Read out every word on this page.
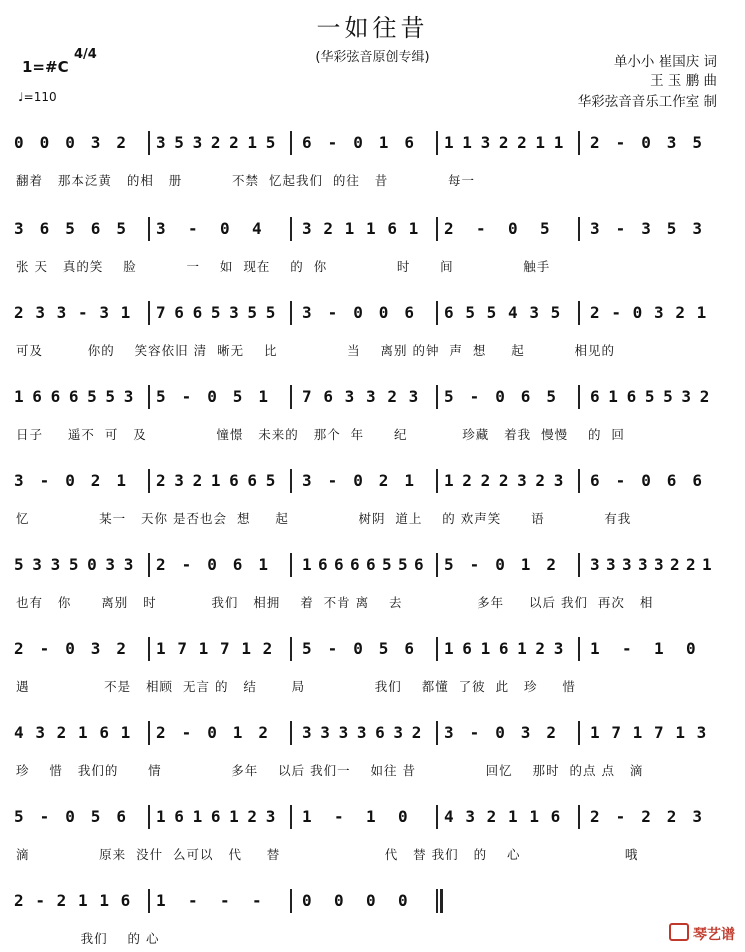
一如往昔
(华彩弦音原创专缉)
1=#C
4/4
♩=110
单小小 崔国庆 词
王 玉 鹏 曲
华彩弦音音乐工作室 制
0 0 0 3 2 3 5 3 2 2 1 5 6 - 0 1 6 1 1 3 2 2 1 1 2 - 0 3 5
翻着   那本泛黄   的相   册          不禁  忆起我们  的往   昔            每一
3 6 5 6 5 3 - 0 4	3 2 1 1 6 1 2 - 0 5	3 - 3 5 3
张 天   真的笑    脸          一    如  现在    的  你              时      间              触手
2 3 3 - 3 1 7 6 6 5 3 5 5 3 - 0 0 6 6 5 5 4 3 5 2 - 0 3 2 1
可及         你的    笑容依旧 清  晰无    比              当    离别 的钟  声  想     起          相见的
1 6 6 6 5 5 3 5 - 0 5 1 7 6 3 3 2 3 5 - 0 6 5 6 1 6 5 5 3 2
日子     遥不  可   及              憧憬   未来的   那个  年      纪           珍藏   着我  慢慢    的  回
3 - 0 2 1 2 3 2 1 6 6 5 3 - 0 2 1 1 2 2 2 3 2 3 6 - 0 6 6
忆              某一   天你 是否也会  想     起              树阴  道上    的 欢声笑      语            有我
5 3 3 5 0 3 3 2 - 0 6 1 1 6 6 6 6 5 5 6 5 - 0 1 2 3 3 3 3 3 2 2 1
也有   你      离别   时           我们   相拥    着  不肯 离    去               多年     以后 我们  再次   相
2 - 0 3 2 1 7 1 7 1 2 5 - 0 5 6 1 6 1 6 1 2 3 1 - 1 0
遇               不是   相顾  无言 的   结       局              我们    都懂  了彼  此   珍     惜
4 3 2 1 6 1 2 - 0 1 2 3 3 3 3 6 3 2 3 - 0 3 2 1 7 1 7 1 3
珍    惜   我们的      情              多年    以后 我们一    如往 昔              回忆    那时  的点 点   滴
5 - 0 5 6 1 6 1 6 1 2 3 1 - 1 0 4 3 2 1 1 6 2 - 2 2 3
滴              原来  没什  么可以   代     替                     代   替 我们   的    心                     哦
2 - 2 1 1 6 1 - - -	0 0 0 0
我们    的 心	琴艺谱
